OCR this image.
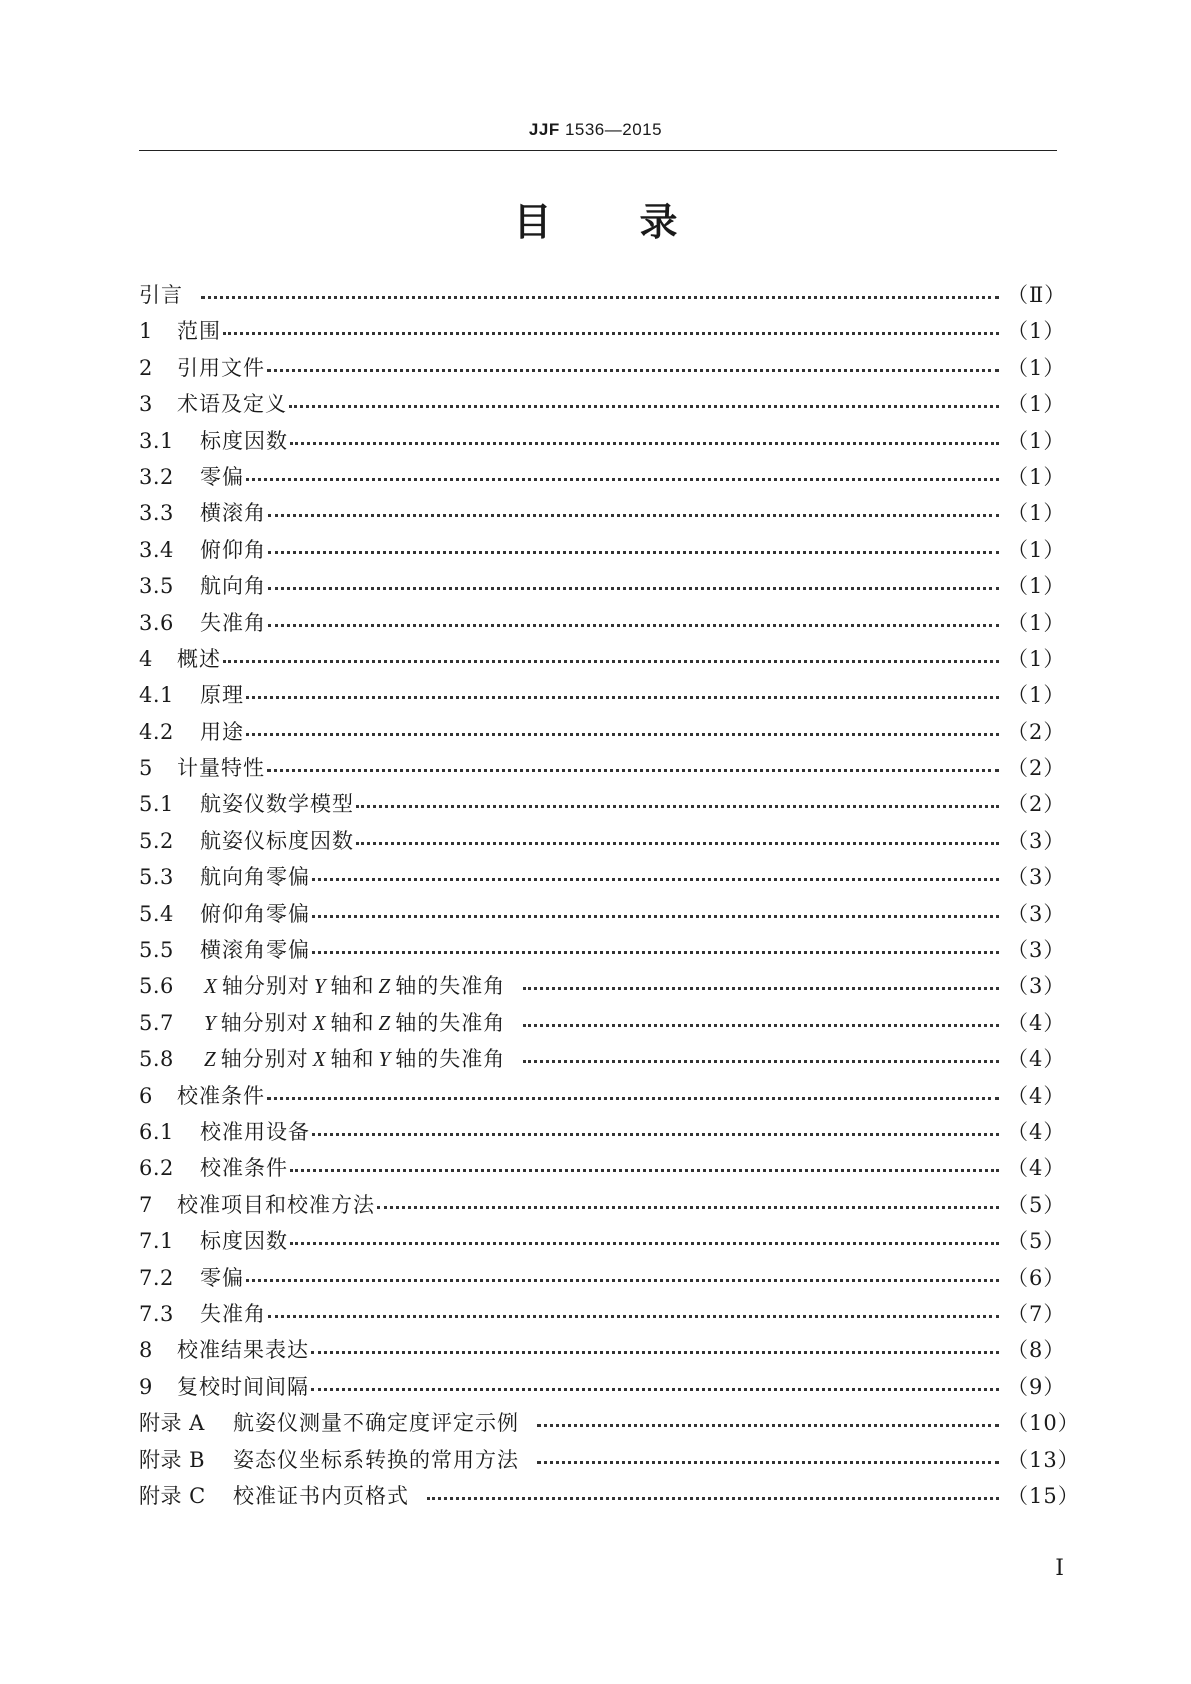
JJF 1536—2015
目 录
引言	（Ⅱ）
1	范围	（1）
2	引用文件	（1）
3	术语及定义	（1）
3.1	标度因数	（1）
3.2	零偏	（1）
3.3	横滚角	（1）
3.4	俯仰角	（1）
3.5	航向角	（1）
3.6	失准角	（1）
4	概述	（1）
4.1	原理	（1）
4.2	用途	（2）
5	计量特性	（2）
5.1	航姿仪数学模型	（2）
5.2	航姿仪标度因数	（3）
5.3	航向角零偏	（3）
5.4	俯仰角零偏	（3）
5.5	横滚角零偏	（3）
5.6	X 轴分别对 Y 轴和 Z 轴的失准角	（3）
5.7	Y 轴分别对 X 轴和 Z 轴的失准角	（4）
5.8	Z 轴分别对 X 轴和 Y 轴的失准角	（4）
6	校准条件	（4）
6.1	校准用设备	（4）
6.2	校准条件	（4）
7	校准项目和校准方法	（5）
7.1	标度因数	（5）
7.2	零偏	（6）
7.3	失准角	（7）
8	校准结果表达	（8）
9	复校时间间隔	（9）
附录 A	航姿仪测量不确定度评定示例	（10）
附录 B	姿态仪坐标系转换的常用方法	（13）
附录 C	校准证书内页格式	（15）
Ⅰ
